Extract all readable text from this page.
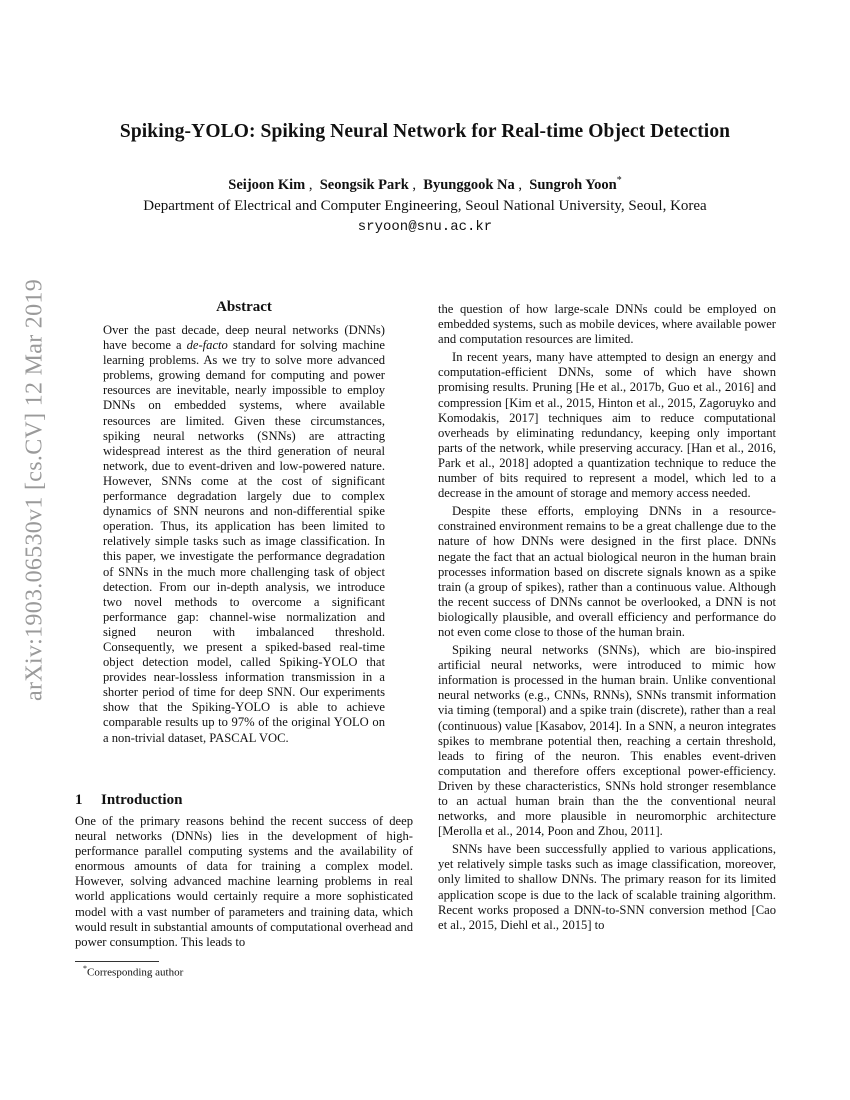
arXiv:1903.06530v1 [cs.CV] 12 Mar 2019
Spiking-YOLO: Spiking Neural Network for Real-time Object Detection
Seijoon Kim ,  Seongsik Park ,  Byunggook Na ,  Sungroh Yoon*
Department of Electrical and Computer Engineering, Seoul National University, Seoul, Korea
sryoon@snu.ac.kr
Abstract
Over the past decade, deep neural networks (DNNs) have become a de-facto standard for solving machine learning problems. As we try to solve more advanced problems, growing demand for computing and power resources are inevitable, nearly impossible to employ DNNs on embedded systems, where available resources are limited. Given these circumstances, spiking neural networks (SNNs) are attracting widespread interest as the third generation of neural network, due to event-driven and low-powered nature. However, SNNs come at the cost of significant performance degradation largely due to complex dynamics of SNN neurons and non-differential spike operation. Thus, its application has been limited to relatively simple tasks such as image classification. In this paper, we investigate the performance degradation of SNNs in the much more challenging task of object detection. From our in-depth analysis, we introduce two novel methods to overcome a significant performance gap: channel-wise normalization and signed neuron with imbalanced threshold. Consequently, we present a spiked-based real-time object detection model, called Spiking-YOLO that provides near-lossless information transmission in a shorter period of time for deep SNN. Our experiments show that the Spiking-YOLO is able to achieve comparable results up to 97% of the original YOLO on a non-trivial dataset, PASCAL VOC.
1 Introduction
One of the primary reasons behind the recent success of deep neural networks (DNNs) lies in the development of high-performance parallel computing systems and the availability of enormous amounts of data for training a complex model. However, solving advanced machine learning problems in real world applications would certainly require a more sophisticated model with a vast number of parameters and training data, which would result in substantial amounts of computational overhead and power consumption. This leads to
*Corresponding author

the question of how large-scale DNNs could be employed on embedded systems, such as mobile devices, where available power and computation resources are limited.

In recent years, many have attempted to design an energy and computation-efficient DNNs, some of which have shown promising results. Pruning [He et al., 2017b, Guo et al., 2016] and compression [Kim et al., 2015, Hinton et al., 2015, Zagoruyko and Komodakis, 2017] techniques aim to reduce computational overheads by eliminating redundancy, keeping only important parts of the network, while preserving accuracy. [Han et al., 2016, Park et al., 2018] adopted a quantization technique to reduce the number of bits required to represent a model, which led to a decrease in the amount of storage and memory access needed.

Despite these efforts, employing DNNs in a resource-constrained environment remains to be a great challenge due to the nature of how DNNs were designed in the first place. DNNs negate the fact that an actual biological neuron in the human brain processes information based on discrete signals known as a spike train (a group of spikes), rather than a continuous value. Although the recent success of DNNs cannot be overlooked, a DNN is not biologically plausible, and overall efficiency and performance do not even come close to those of the human brain.

Spiking neural networks (SNNs), which are bio-inspired artificial neural networks, were introduced to mimic how information is processed in the human brain. Unlike conventional neural networks (e.g., CNNs, RNNs), SNNs transmit information via timing (temporal) and a spike train (discrete), rather than a real (continuous) value [Kasabov, 2014]. In a SNN, a neuron integrates spikes to membrane potential then, reaching a certain threshold, leads to firing of the neuron. This enables event-driven computation and therefore offers exceptional power-efficiency. Driven by these characteristics, SNNs hold stronger resemblance to an actual human brain than the the conventional neural networks, and more plausible in neuromorphic architecture [Merolla et al., 2014, Poon and Zhou, 2011].

SNNs have been successfully applied to various applications, yet relatively simple tasks such as image classification, moreover, only limited to shallow DNNs. The primary reason for its limited application scope is due to the lack of scalable training algorithm. Recent works proposed a DNN-to-SNN conversion method [Cao et al., 2015, Diehl et al., 2015] to
